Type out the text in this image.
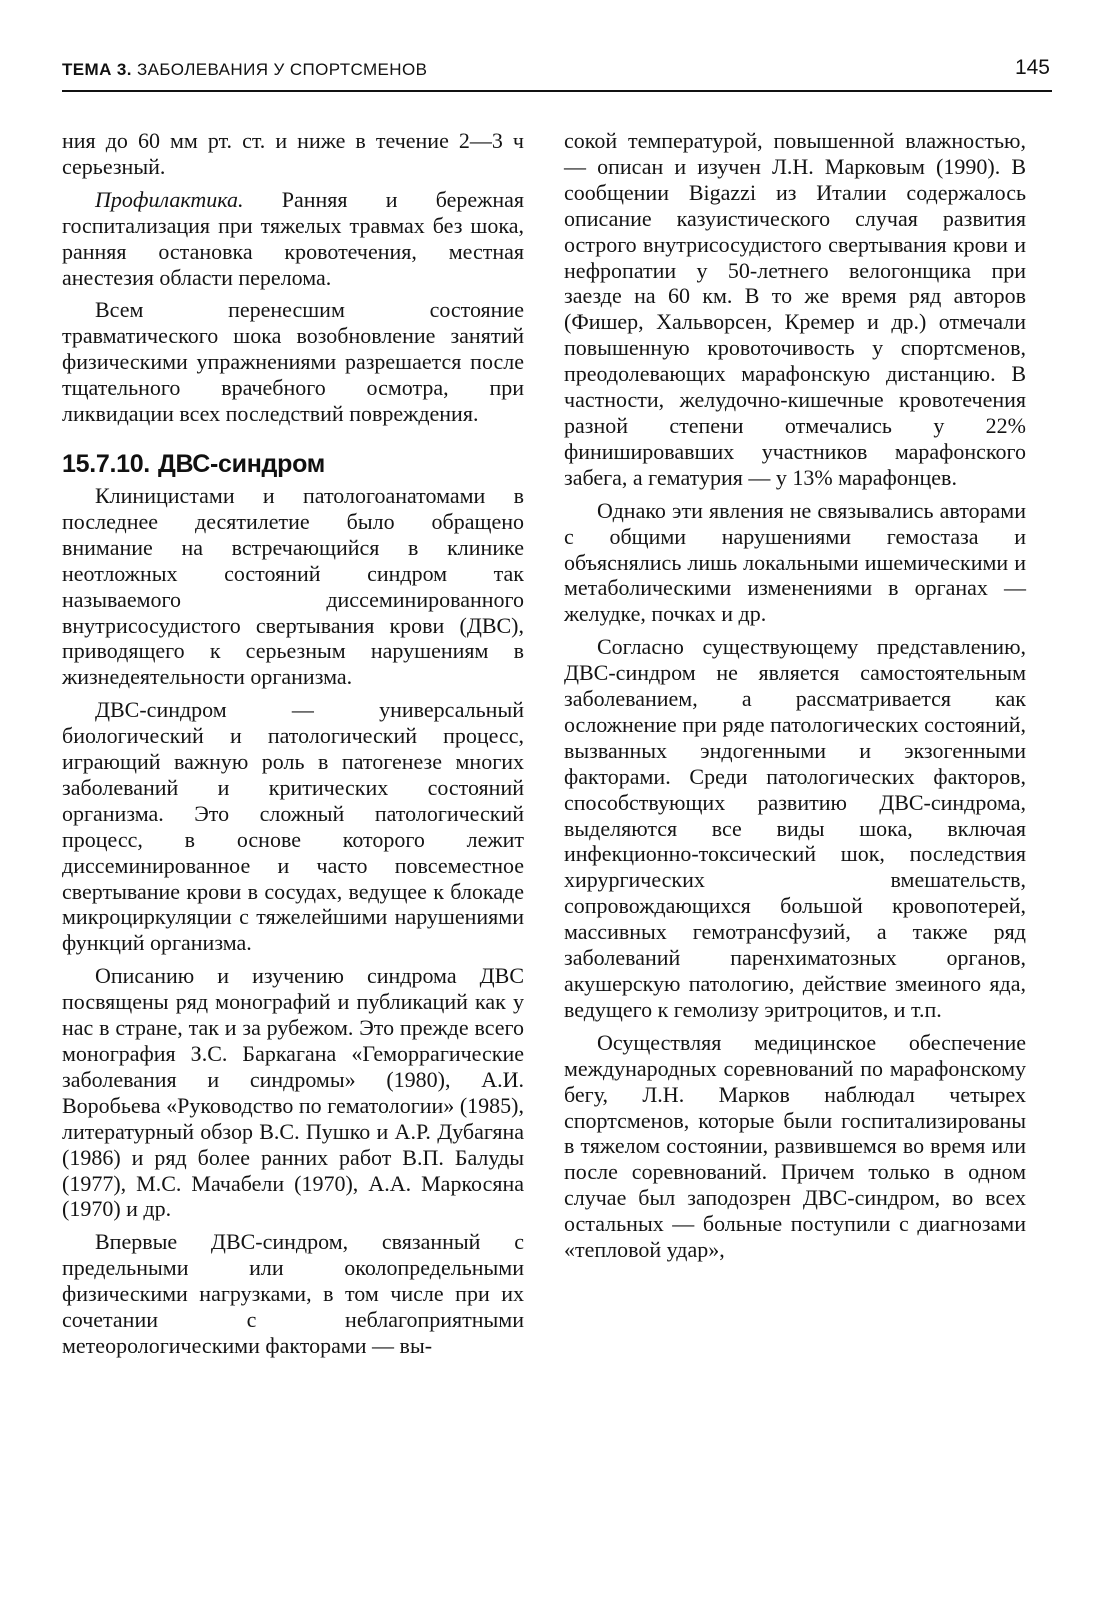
ТЕМА 3. ЗАБОЛЕВАНИЯ У СПОРТСМЕНОВ	145

ния до 60 мм рт. ст. и ниже в течение 2—3 ч серьезный.

Профилактика. Ранняя и бережная госпитализация при тяжелых травмах без шока, ранняя остановка кровотечения, местная анестезия области перелома.

Всем перенесшим состояние травматического шока возобновление занятий физическими упражнениями разрешается после тщательного врачебного осмотра, при ликвидации всех последствий повреждения.

15.7.10. ДВС-синдром

Клиницистами и патологоанатомами в последнее десятилетие было обращено внимание на встречающийся в клинике неотложных состояний синдром так называемого диссеминированного внутрисосудистого свертывания крови (ДВС), приводящего к серьезным нарушениям в жизнедеятельности организма.

ДВС-синдром — универсальный биологический и патологический процесс, играющий важную роль в патогенезе многих заболеваний и критических состояний организма. Это сложный патологический процесс, в основе которого лежит диссеминированное и часто повсеместное свертывание крови в сосудах, ведущее к блокаде микроциркуляции с тяжелейшими нарушениями функций организма.

Описанию и изучению синдрома ДВС посвящены ряд монографий и публикаций как у нас в стране, так и за рубежом. Это прежде всего монография З.С. Баркагана «Геморрагические заболевания и синдромы» (1980), А.И. Воробьева «Руководство по гематологии» (1985), литературный обзор В.С. Пушко и А.Р. Дубагяна (1986) и ряд более ранних работ В.П. Балуды (1977), М.С. Мачабели (1970), А.А. Маркосяна (1970) и др.

Впервые ДВС-синдром, связанный с предельными или околопредельными физическими нагрузками, в том числе при их сочетании с неблагоприятными метеорологическими факторами — вы-

сокой температурой, повышенной влажностью, — описан и изучен Л.Н. Марковым (1990). В сообщении Bigazzi из Италии содержалось описание казуистического случая развития острого внутрисосудистого свертывания крови и нефропатии у 50-летнего велогонщика при заезде на 60 км. В то же время ряд авторов (Фишер, Хальворсен, Кремер и др.) отмечали повышенную кровоточивость у спортсменов, преодолевающих марафонскую дистанцию. В частности, желудочно-кишечные кровотечения разной степени отмечались у 22% финишировавших участников марафонского забега, а гематурия — у 13% марафонцев.

Однако эти явления не связывались авторами с общими нарушениями гемостаза и объяснялись лишь локальными ишемическими и метаболическими изменениями в органах — желудке, почках и др.

Согласно существующему представлению, ДВС-синдром не является самостоятельным заболеванием, а рассматривается как осложнение при ряде патологических состояний, вызванных эндогенными и экзогенными факторами. Среди патологических факторов, способствующих развитию ДВС-синдрома, выделяются все виды шока, включая инфекционно-токсический шок, последствия хирургических вмешательств, сопровождающихся большой кровопотерей, массивных гемотрансфузий, а также ряд заболеваний паренхиматозных органов, акушерскую патологию, действие змеиного яда, ведущего к гемолизу эритроцитов, и т.п.

Осуществляя медицинское обеспечение международных соревнований по марафонскому бегу, Л.Н. Марков наблюдал четырех спортсменов, которые были госпитализированы в тяжелом состоянии, развившемся во время или после соревнований. Причем только в одном случае был заподозрен ДВС-синдром, во всех остальных — больные поступили с диагнозами «тепловой удар»,
